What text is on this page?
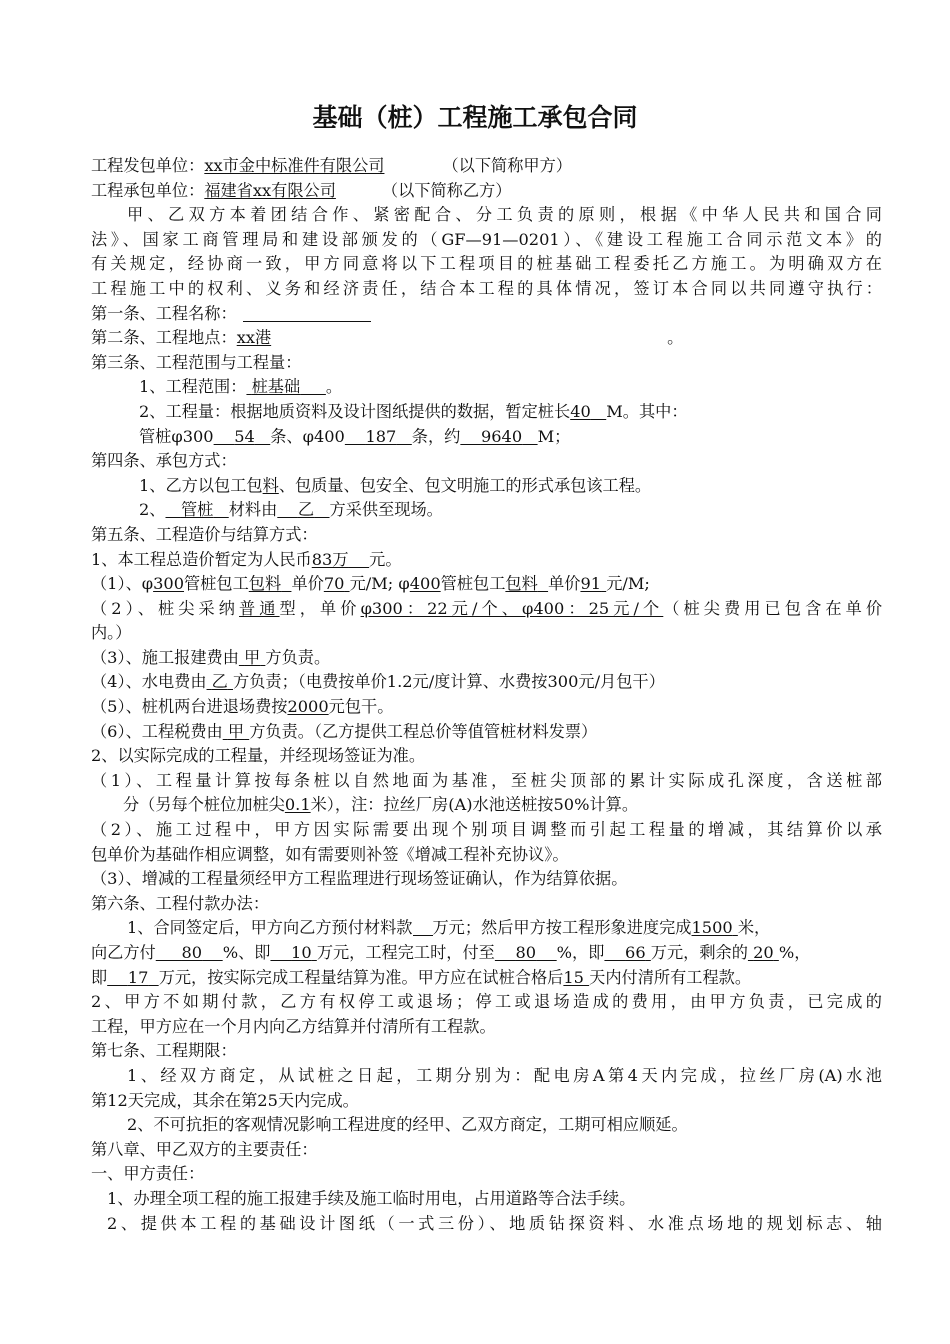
基础（桩）工程施工承包合同
工程发包单位：xx市金中标准件有限公司	（以下简称甲方）
工程承包单位：福建省xx有限公司	（以下简称乙方）
甲、乙双方本着团结合作、紧密配合、分工负责的原则，根据《中华人民共和国合同
法》、国家工商管理局和建设部颁发的（GF—91—0201）、《建设工程施工合同示范文本》的
有关规定，经协商一致，甲方同意将以下工程项目的桩基础工程委托乙方施工。为明确双方在
工程施工中的权利、义务和经济责任，结合本工程的具体情况，签订本合同以共同遵守执行：
第一条、工程名称：
第二条、工程地点：xx港	。
第三条、工程范围与工程量：
1、工程范围： 桩基础 。
2、工程量：根据地质资料及设计图纸提供的数据，暂定桩长40 M。其中：
管桩φ300 54 条、φ400 187 条，约 9640 M；
第四条、承包方式：
1、乙方以包工包料、包质量、包安全、包文明施工的形式承包该工程。
2、 管桩 材料由 乙 方采供至现场。
第五条、工程造价与结算方式：
1、本工程总造价暂定为人民币83万 元。
（1）、φ300管桩包工包料 单价70 元/M; φ400管桩包工包料 单价91 元/M;
（2）、桩尖采纳普通型，单价φ300：22元/个、φ400：25元/个（桩尖费用已包含在单价
内。）
（3）、施工报建费由 甲 方负责。
（4）、水电费由 乙 方负责；（电费按单价1.2元/度计算、水费按300元/月包干）
（5）、桩机两台进退场费按2000元包干。
（6）、工程税费由 甲 方负责。（乙方提供工程总价等值管桩材料发票）
2、以实际完成的工程量，并经现场签证为准。
（1）、工程量计算按每条桩以自然地面为基准，至桩尖顶部的累计实际成孔深度，含送桩部
分（另每个桩位加桩尖0.1米），注：拉丝厂房(A)水池送桩按50%计算。
（2）、施工过程中，甲方因实际需要出现个别项目调整而引起工程量的增减，其结算价以承
包单价为基础作相应调整，如有需要则补签《增减工程补充协议》。
（3）、增减的工程量须经甲方工程监理进行现场签证确认，作为结算依据。
第六条、工程付款办法：
1、合同签定后，甲方向乙方预付材料款 万元；然后甲方按工程形象进度完成1500 米，
向乙方付 80 %、即 10 万元，工程完工时，付至 80 %，即 66 万元，剩余的 20 %，
即 17 万元，按实际完成工程量结算为准。甲方应在试桩合格后15 天内付清所有工程款。
2、甲方不如期付款，乙方有权停工或退场；停工或退场造成的费用，由甲方负责，已完成的
工程，甲方应在一个月内向乙方结算并付清所有工程款。
第七条、工程期限：
1、经双方商定，从试桩之日起，工期分别为：配电房A第4天内完成，拉丝厂房(A)水池
第12天完成，其余在第25天内完成。
2、不可抗拒的客观情况影响工程进度的经甲、乙双方商定，工期可相应顺延。
第八章、甲乙双方的主要责任：
一、甲方责任：
1、办理全项工程的施工报建手续及施工临时用电，占用道路等合法手续。
2、提供本工程的基础设计图纸（一式三份）、地质钻探资料、水准点场地的规划标志、轴
